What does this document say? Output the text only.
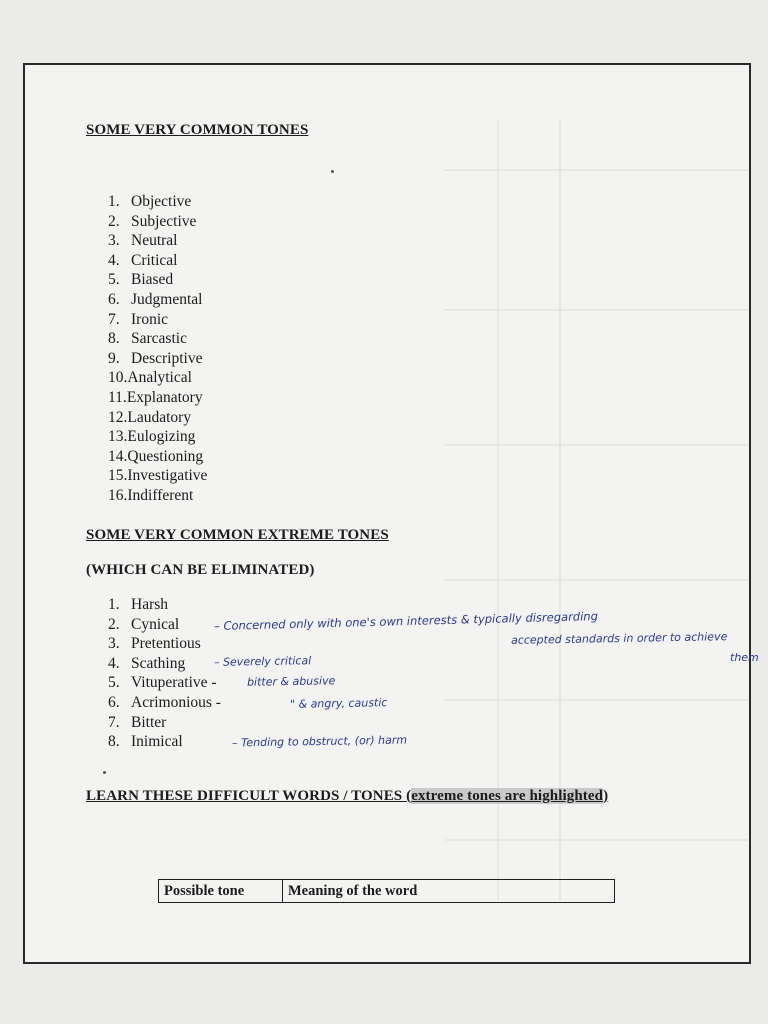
SOME VERY COMMON TONES
1. Objective
2. Subjective
3. Neutral
4. Critical
5. Biased
6. Judgmental
7. Ironic
8. Sarcastic
9. Descriptive
10.Analytical
11.Explanatory
12.Laudatory
13.Eulogizing
14.Questioning
15.Investigative
16.Indifferent
SOME VERY COMMON EXTREME TONES
(WHICH CAN BE ELIMINATED)
1. Harsh
2. Cynical
3. Pretentious
4. Scathing
5. Vituperative -
6. Acrimonious -
7. Bitter
8. Inimical
– Concerned only with one's own interests & typically disregarding
accepted standards in order to achieve
them
– Severely critical
bitter & abusive
" & angry, caustic
– Tending to obstruct, (or) harm
LEARN THESE DIFFICULT WORDS / TONES (extreme tones are highlighted)
Possible tone	Meaning of the word
